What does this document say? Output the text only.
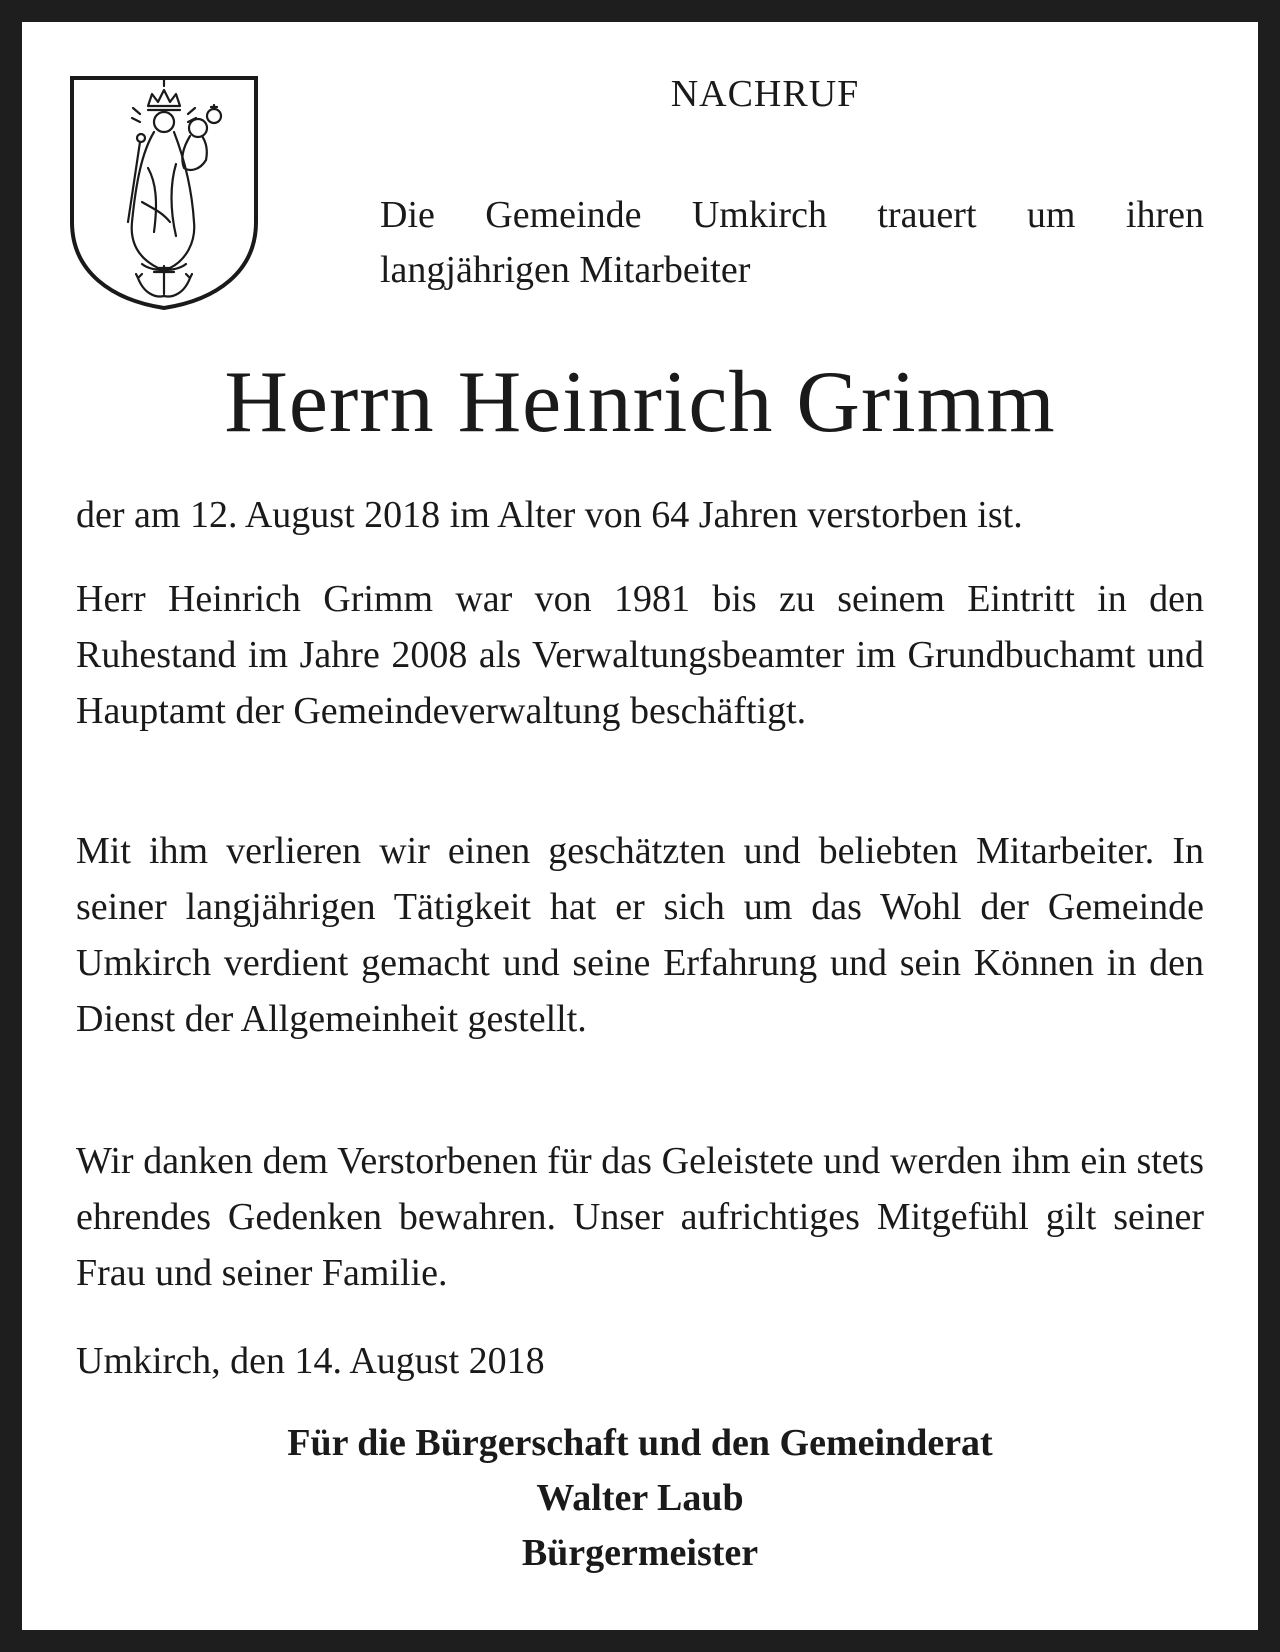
NACHRUF

Die Gemeinde Umkirch trauert um ihren
langjährigen Mitarbeiter

Herrn Heinrich Grimm

der am 12. August 2018 im Alter von 64 Jahren verstorben ist.

Herr Heinrich Grimm war von 1981 bis zu seinem Eintritt in den Ruhestand im Jahre 2008 als Verwaltungsbeamter im Grundbuchamt und Hauptamt der Gemeindeverwaltung beschäftigt.

Mit ihm verlieren wir einen geschätzten und beliebten Mitarbeiter. In seiner langjährigen Tätigkeit hat er sich um das Wohl der Gemeinde Umkirch verdient gemacht und seine Erfahrung und sein Können in den Dienst der Allgemeinheit gestellt.

Wir danken dem Verstorbenen für das Geleistete und werden ihm ein stets ehrendes Gedenken bewahren. Unser aufrichtiges Mitgefühl gilt seiner Frau und seiner Familie.

Umkirch, den 14. August 2018

Für die Bürgerschaft und den Gemeinderat
Walter Laub
Bürgermeister
